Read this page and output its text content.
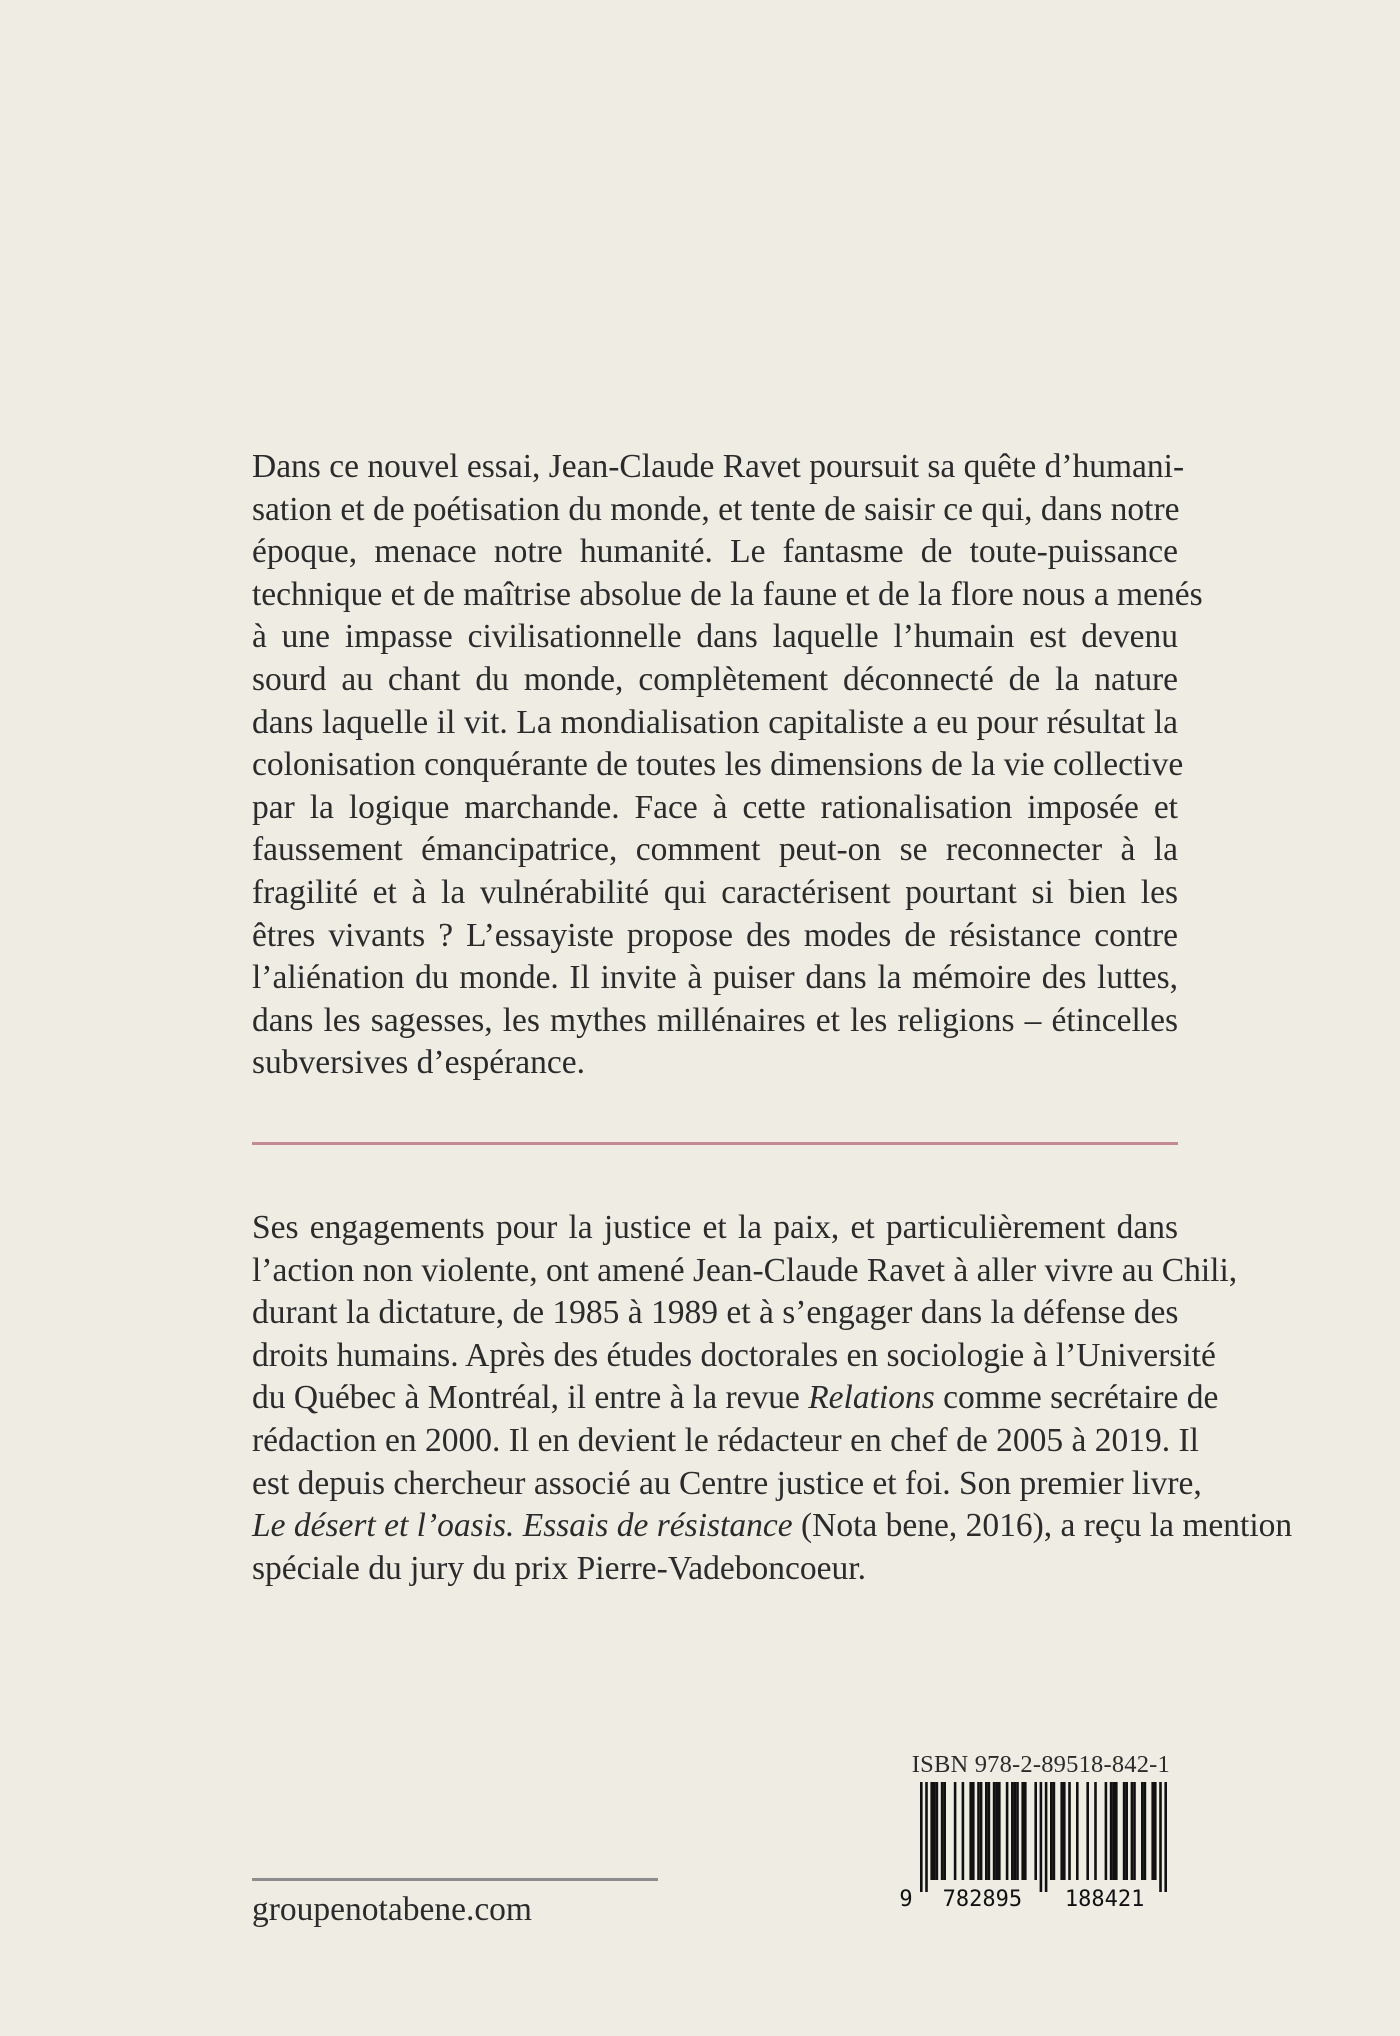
Dans ce nouvel essai, Jean-Claude Ravet poursuit sa quête d’humani-
sation et de poétisation du monde, et tente de saisir ce qui, dans notre
époque, menace notre humanité. Le fantasme de toute-puissance
technique et de maîtrise absolue de la faune et de la flore nous a menés
à une impasse civilisationnelle dans laquelle l’humain est devenu
sourd au chant du monde, complètement déconnecté de la nature
dans laquelle il vit. La mondialisation capitaliste a eu pour résultat la
colonisation conquérante de toutes les dimensions de la vie collective
par la logique marchande. Face à cette rationalisation imposée et
faussement émancipatrice, comment peut-on se reconnecter à la
fragilité et à la vulnérabilité qui caractérisent pourtant si bien les
êtres vivants ? L’essayiste propose des modes de résistance contre
l’aliénation du monde. Il invite à puiser dans la mémoire des luttes,
dans les sagesses, les mythes millénaires et les religions – étincelles
subversives d’espérance.

Ses engagements pour la justice et la paix, et particulièrement dans
l’action non violente, ont amené Jean-Claude Ravet à aller vivre au Chili,
durant la dictature, de 1985 à 1989 et à s’engager dans la défense des
droits humains. Après des études doctorales en sociologie à l’Université
du Québec à Montréal, il entre à la revue Relations comme secrétaire de
rédaction en 2000. Il en devient le rédacteur en chef de 2005 à 2019. Il
est depuis chercheur associé au Centre justice et foi. Son premier livre,
Le désert et l’oasis. Essais de résistance (Nota bene, 2016), a reçu la mention
spéciale du jury du prix Pierre-Vadeboncoeur.

ISBN 978-2-89518-842-1
9 782895 188421
groupenotabene.com
